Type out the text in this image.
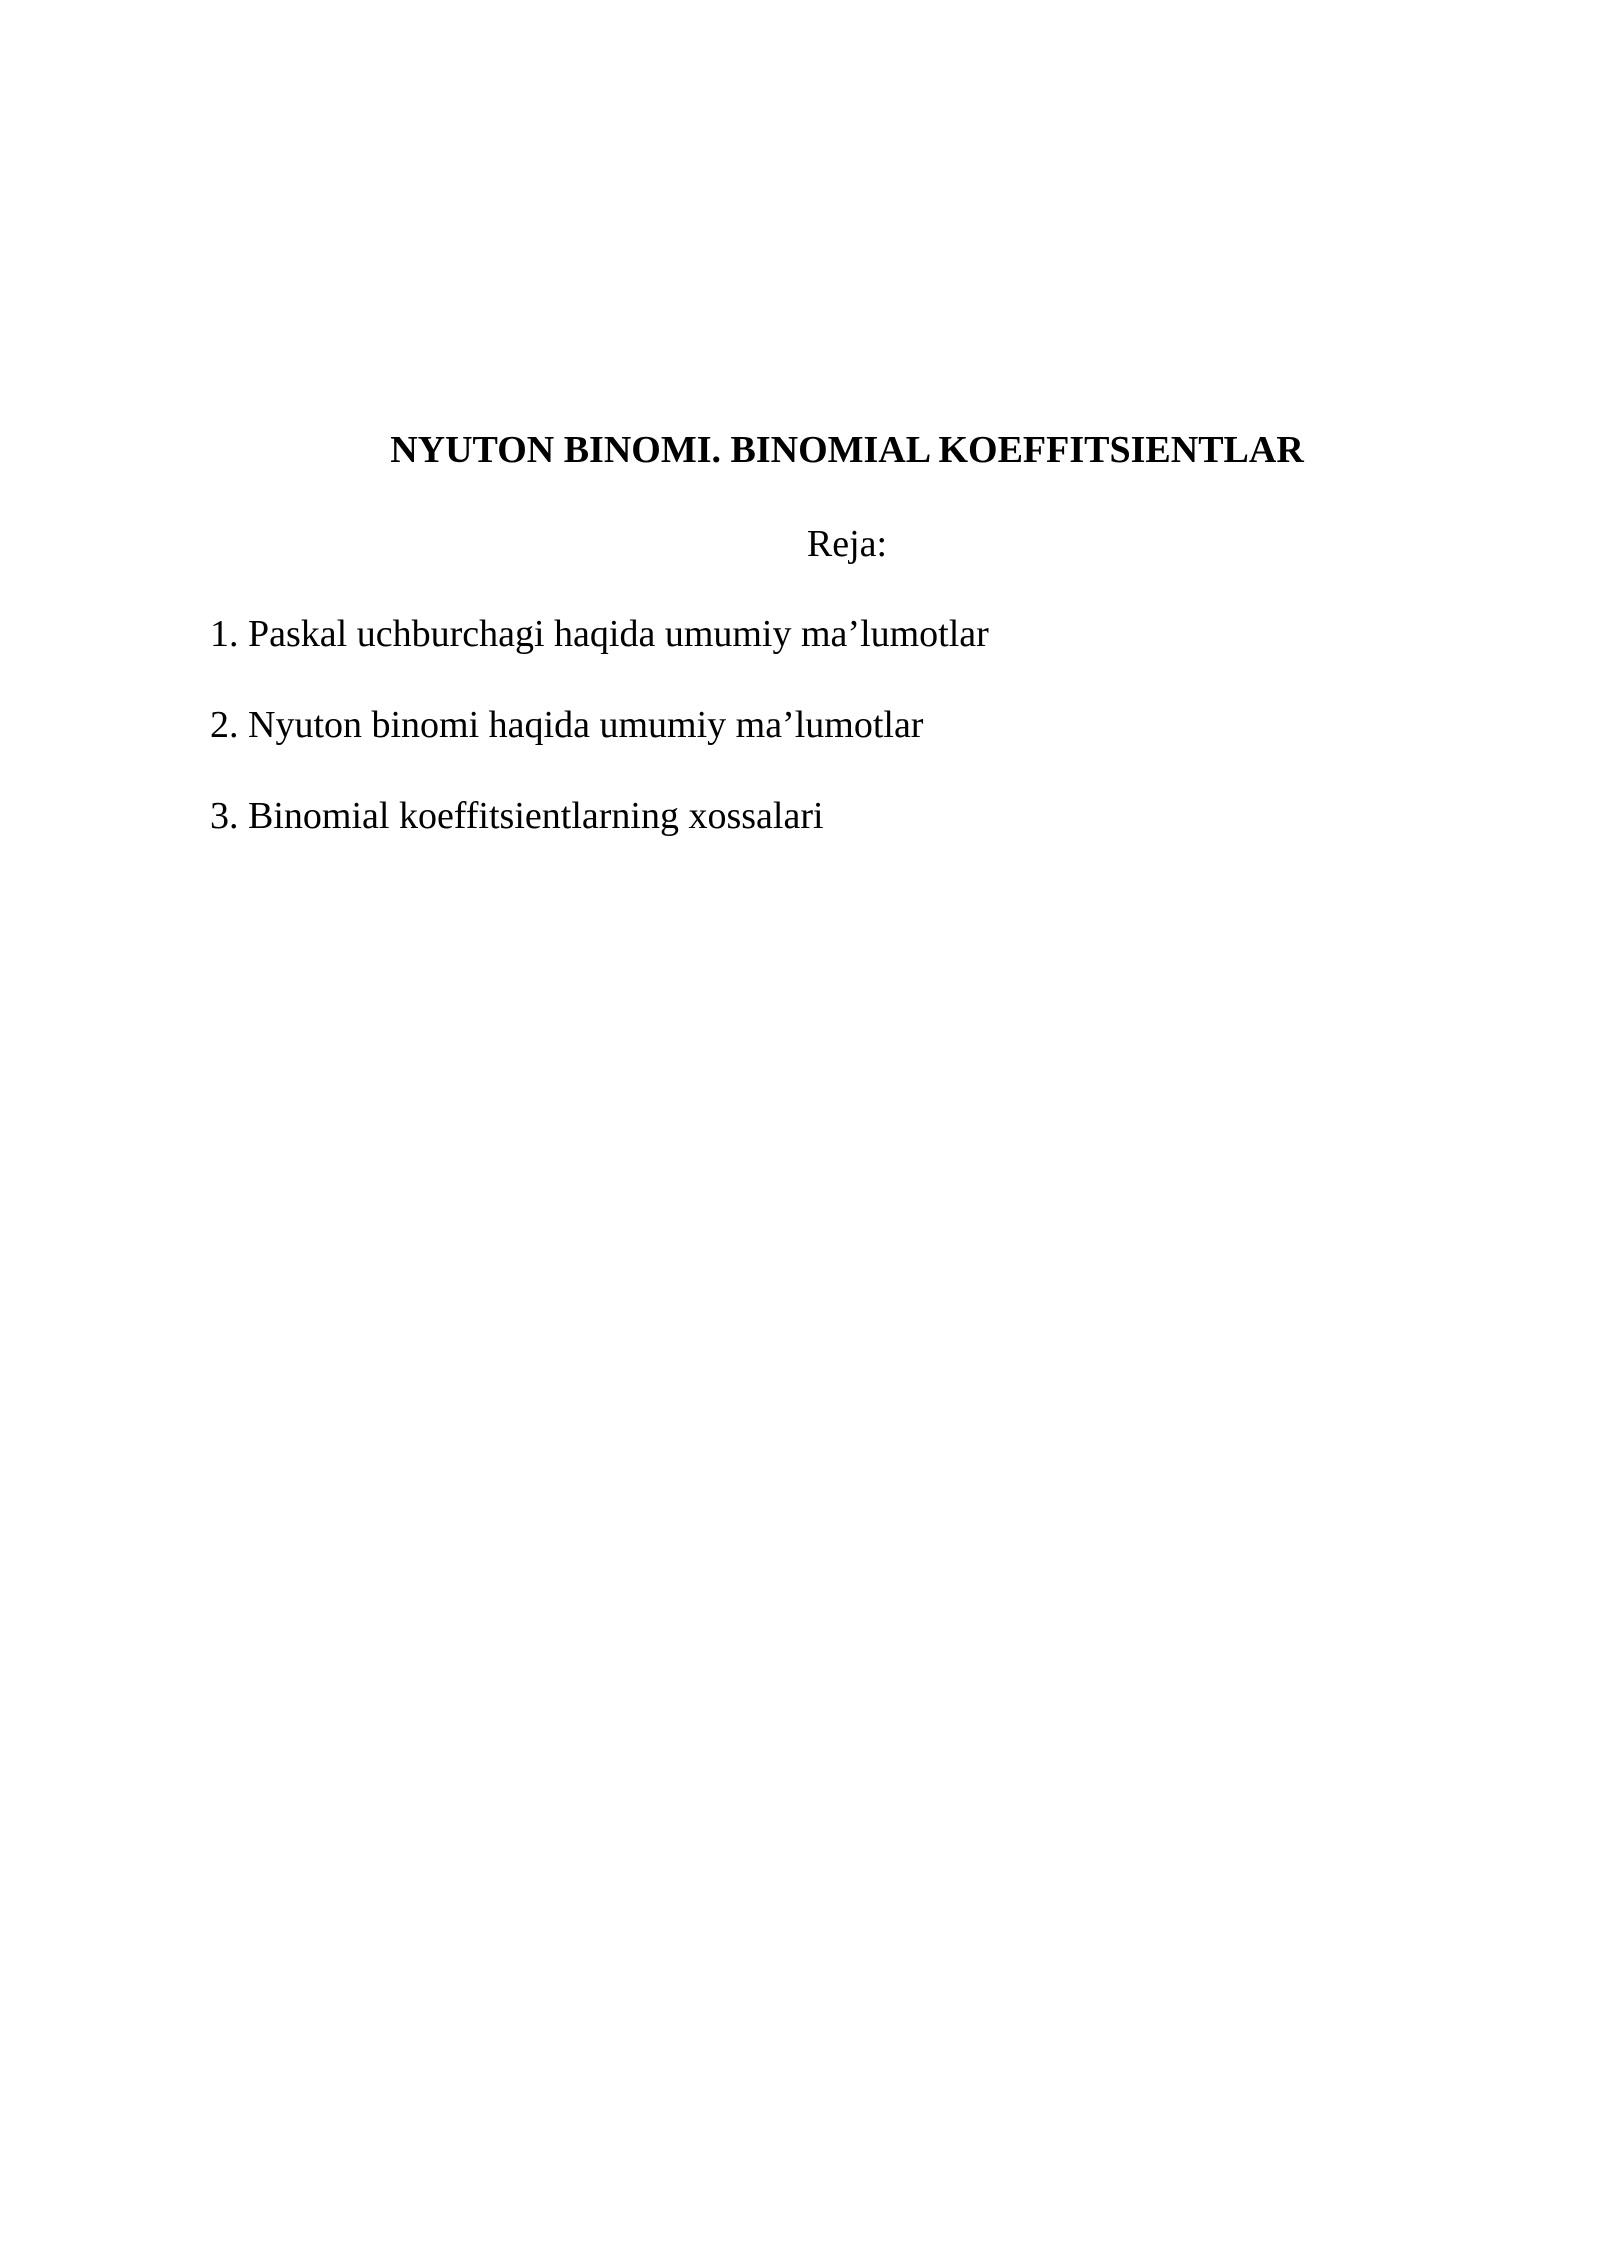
NYUTON BINOMI. BINOMIAL KOEFFITSIENTLAR

Reja:

1. Paskal uchburchagi haqida umumiy ma’lumotlar
2. Nyuton binomi haqida umumiy ma’lumotlar
3. Binomial koeffitsientlarning xossalari
